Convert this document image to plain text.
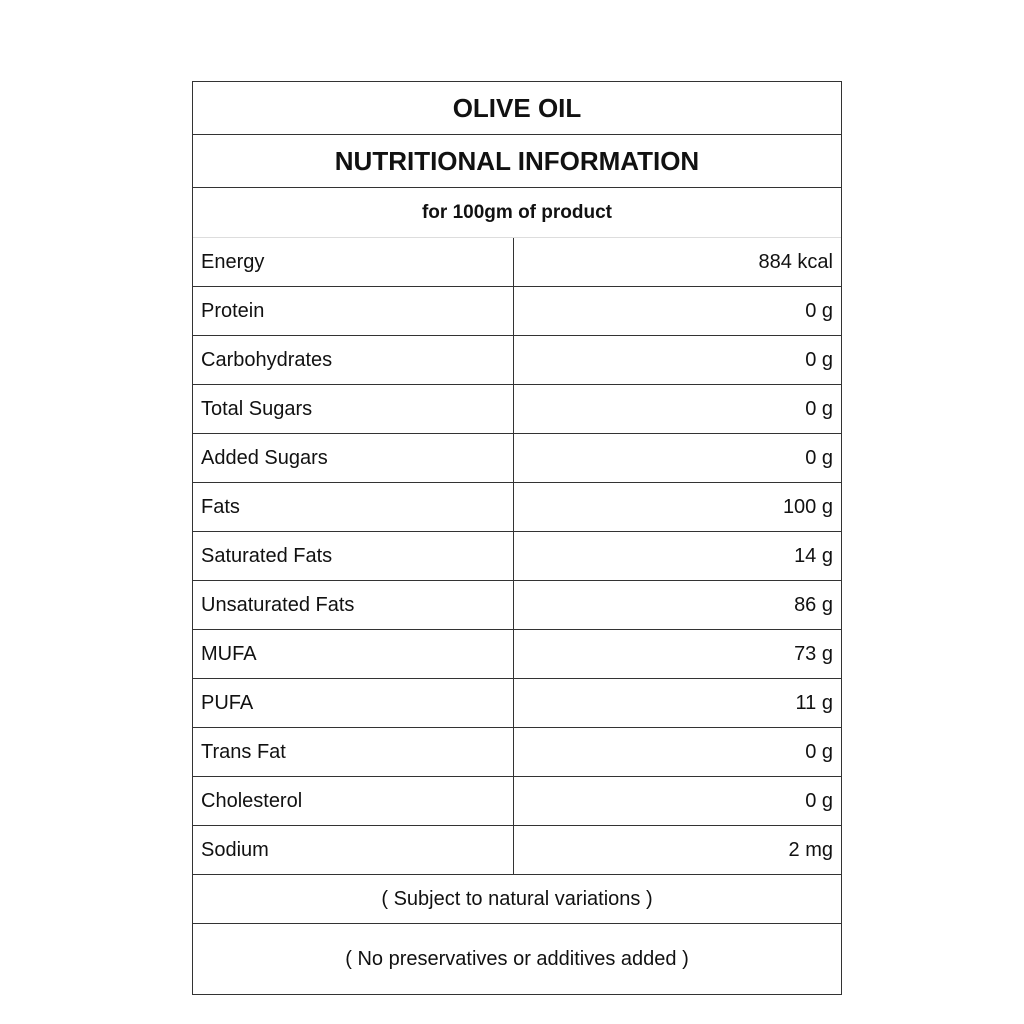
OLIVE OIL
NUTRITIONAL INFORMATION
for 100gm of product
Energy	884 kcal
Protein	0 g
Carbohydrates	0 g
Total Sugars	0 g
Added Sugars	0 g
Fats	100 g
Saturated Fats	14 g
Unsaturated Fats	86 g
MUFA	73 g
PUFA	11 g
Trans Fat	0 g
Cholesterol	0 g
Sodium	2 mg
( Subject to natural variations )
( No preservatives or additives added )
